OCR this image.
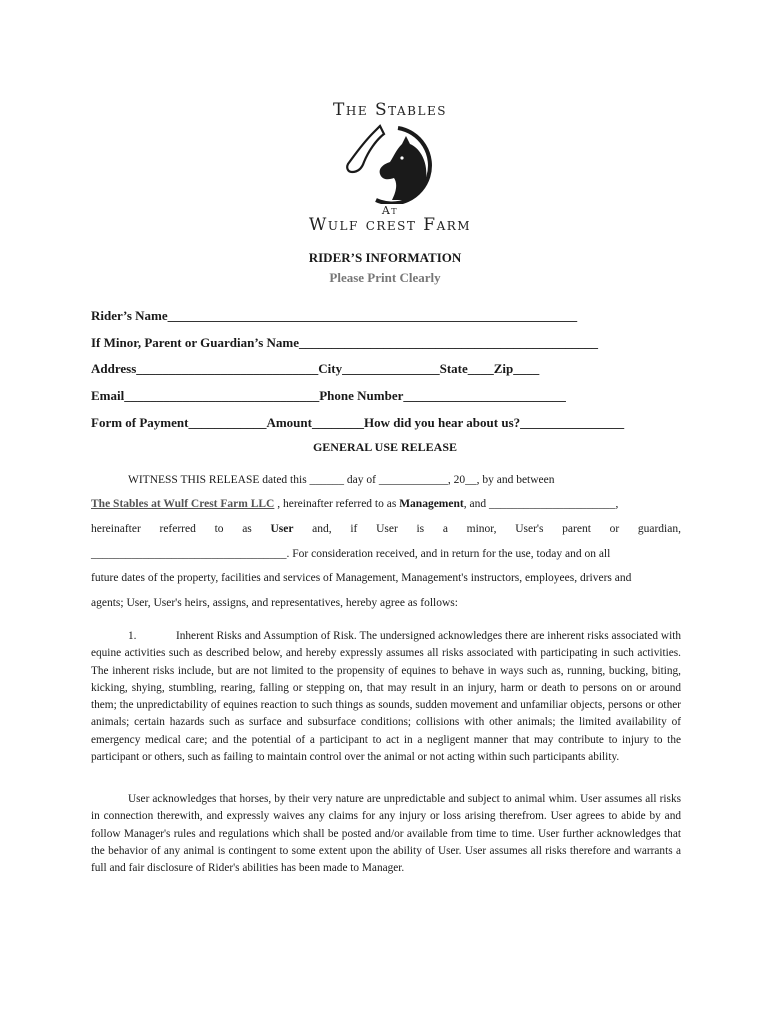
The Stables
At
Wulf crest Farm
RIDER’S INFORMATION
Please Print Clearly
Rider’s Name_______________________________________________________________
If Minor, Parent or Guardian’s Name______________________________________________
Address____________________________City_______________State____Zip____
Email______________________________Phone Number_________________________
Form of Payment____________Amount________How did you hear about us?________________
GENERAL USE RELEASE
WITNESS THIS RELEASE dated this ______ day of ____________, 20__, by and between
The Stables at Wulf Crest Farm LLC , hereinafter referred to as Management, and ______________________,
hereinafter referred to as User and, if User is a minor, User's parent or guardian,
__________________________________. For consideration received, and in return for the use, today and on all
future dates of the property, facilities and services of Management, Management's instructors, employees, drivers and
agents; User, User's heirs, assigns, and representatives, hereby agree as follows:
1.	Inherent Risks and Assumption of Risk. The undersigned acknowledges there are inherent risks associated with equine activities such as described below, and hereby expressly assumes all risks associated with participating in such activities. The inherent risks include, but are not limited to the propensity of equines to behave in ways such as, running, bucking, biting, kicking, shying, stumbling, rearing, falling or stepping on, that may result in an injury, harm or death to persons on or around them; the unpredictability of equines reaction to such things as sounds, sudden movement and unfamiliar objects, persons or other animals; certain hazards such as surface and subsurface conditions; collisions with other animals; the limited availability of emergency medical care; and the potential of a participant to act in a negligent manner that may contribute to injury to the participant or others, such as failing to maintain control over the animal or not acting within such participants ability.
User acknowledges that horses, by their very nature are unpredictable and subject to animal whim. User assumes all risks in connection therewith, and expressly waives any claims for any injury or loss arising therefrom. User agrees to abide by and follow Manager's rules and regulations which shall be posted and/or available from time to time. User further acknowledges that the behavior of any animal is contingent to some extent upon the ability of User. User assumes all risks therefore and warrants a full and fair disclosure of Rider's abilities has been made to Manager.
